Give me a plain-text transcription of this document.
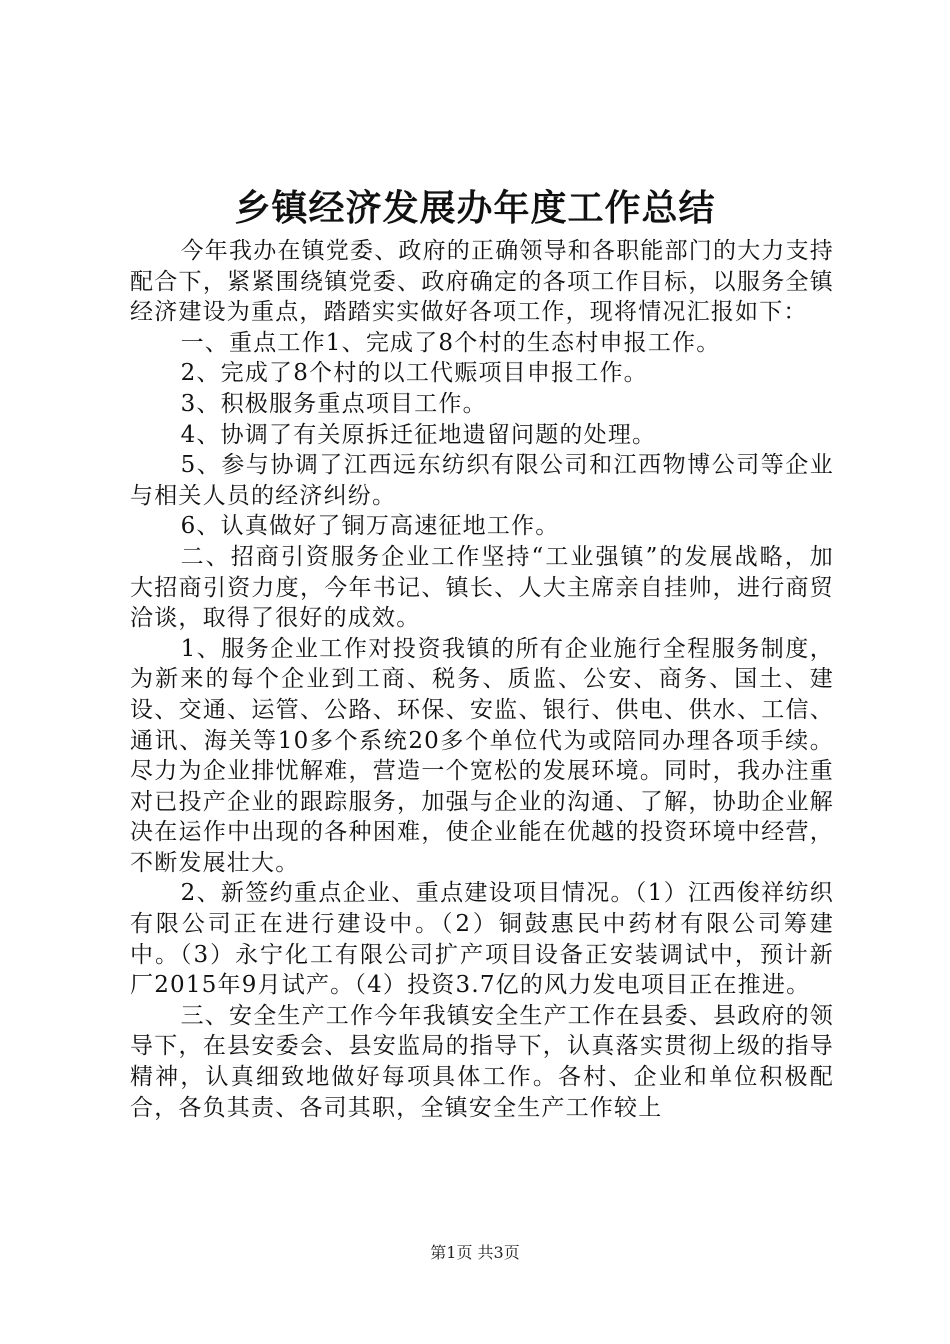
乡镇经济发展办年度工作总结

今年我办在镇党委、政府的正确领导和各职能部门的大力支持配合下，紧紧围绕镇党委、政府确定的各项工作目标，以服务全镇经济建设为重点，踏踏实实做好各项工作，现将情况汇报如下：

一、重点工作1、完成了8个村的生态村申报工作。

2、完成了8个村的以工代赈项目申报工作。

3、积极服务重点项目工作。

4、协调了有关原拆迁征地遗留问题的处理。

5、参与协调了江西远东纺织有限公司和江西物博公司等企业与相关人员的经济纠纷。

6、认真做好了铜万高速征地工作。

二、招商引资服务企业工作坚持“工业强镇”的发展战略，加大招商引资力度，今年书记、镇长、人大主席亲自挂帅，进行商贸洽谈，取得了很好的成效。

1、服务企业工作对投资我镇的所有企业施行全程服务制度，为新来的每个企业到工商、税务、质监、公安、商务、国土、建设、交通、运管、公路、环保、安监、银行、供电、供水、工信、通讯、海关等10多个系统20多个单位代为或陪同办理各项手续。尽力为企业排忧解难，营造一个宽松的发展环境。同时，我办注重对已投产企业的跟踪服务，加强与企业的沟通、了解，协助企业解决在运作中出现的各种困难，使企业能在优越的投资环境中经营，不断发展壮大。

2、新签约重点企业、重点建设项目情况。（1）江西俊祥纺织有限公司正在进行建设中。（2）铜鼓惠民中药材有限公司筹建中。（3）永宁化工有限公司扩产项目设备正安装调试中，预计新厂2015年9月试产。（4）投资3.7亿的风力发电项目正在推进。

三、安全生产工作今年我镇安全生产工作在县委、县政府的领导下，在县安委会、县安监局的指导下，认真落实贯彻上级的指导精神，认真细致地做好每项具体工作。各村、企业和单位积极配合，各负其责、各司其职，全镇安全生产工作较上

第1页 共3页
